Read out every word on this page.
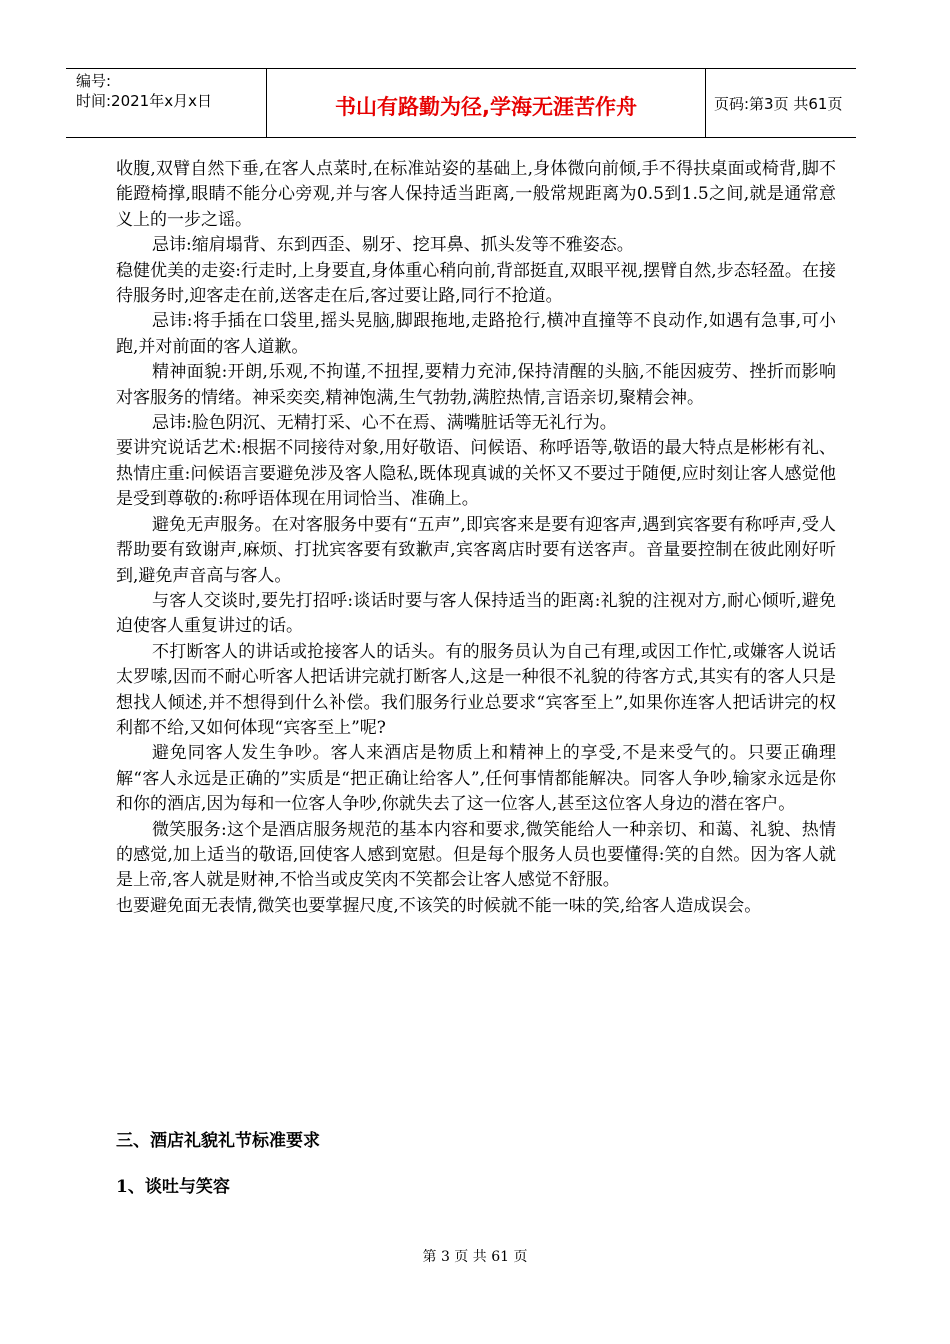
编号:
时间:2021年x月x日	书山有路勤为径,学海无涯苦作舟	页码:第3页 共61页

收腹,双臂自然下垂,在客人点菜时,在标准站姿的基础上,身体微向前倾,手不得扶桌面或椅背,脚不能蹬椅撑,眼睛不能分心旁观,并与客人保持适当距离,一般常规距离为0.5到1.5之间,就是通常意义上的一步之谣。

忌讳:缩肩塌背、东到西歪、剔牙、挖耳鼻、抓头发等不雅姿态。

稳健优美的走姿:行走时,上身要直,身体重心稍向前,背部挺直,双眼平视,摆臂自然,步态轻盈。在接待服务时,迎客走在前,送客走在后,客过要让路,同行不抢道。

忌讳:将手插在口袋里,摇头晃脑,脚跟拖地,走路抢行,横冲直撞等不良动作,如遇有急事,可小跑,并对前面的客人道歉。

精神面貌:开朗,乐观,不拘谨,不扭捏,要精力充沛,保持清醒的头脑,不能因疲劳、挫折而影响对客服务的情绪。神采奕奕,精神饱满,生气勃勃,满腔热情,言语亲切,聚精会神。

忌讳:脸色阴沉、无精打采、心不在焉、满嘴脏话等无礼行为。

要讲究说话艺术:根据不同接待对象,用好敬语、问候语、称呼语等,敬语的最大特点是彬彬有礼、热情庄重:问候语言要避免涉及客人隐私,既体现真诚的关怀又不要过于随便,应时刻让客人感觉他是受到尊敬的:称呼语体现在用词恰当、准确上。

避免无声服务。在对客服务中要有“五声”,即宾客来是要有迎客声,遇到宾客要有称呼声,受人帮助要有致谢声,麻烦、打扰宾客要有致歉声,宾客离店时要有送客声。音量要控制在彼此刚好听到,避免声音高与客人。

与客人交谈时,要先打招呼:谈话时要与客人保持适当的距离:礼貌的注视对方,耐心倾听,避免迫使客人重复讲过的话。

不打断客人的讲话或抢接客人的话头。有的服务员认为自己有理,或因工作忙,或嫌客人说话太罗嗦,因而不耐心听客人把话讲完就打断客人,这是一种很不礼貌的待客方式,其实有的客人只是想找人倾述,并不想得到什么补偿。我们服务行业总要求“宾客至上”,如果你连客人把话讲完的权利都不给,又如何体现“宾客至上”呢?

避免同客人发生争吵。客人来酒店是物质上和精神上的享受,不是来受气的。只要正确理解“客人永远是正确的”实质是“把正确让给客人”,任何事情都能解决。同客人争吵,输家永远是你和你的酒店,因为每和一位客人争吵,你就失去了这一位客人,甚至这位客人身边的潜在客户。

微笑服务:这个是酒店服务规范的基本内容和要求,微笑能给人一种亲切、和蔼、礼貌、热情的感觉,加上适当的敬语,回使客人感到宽慰。但是每个服务人员也要懂得:笑的自然。因为客人就是上帝,客人就是财神,不恰当或皮笑肉不笑都会让客人感觉不舒服。

也要避免面无表情,微笑也要掌握尺度,不该笑的时候就不能一味的笑,给客人造成误会。

三、酒店礼貌礼节标准要求
1、谈吐与笑容
第 3 页 共 61 页
